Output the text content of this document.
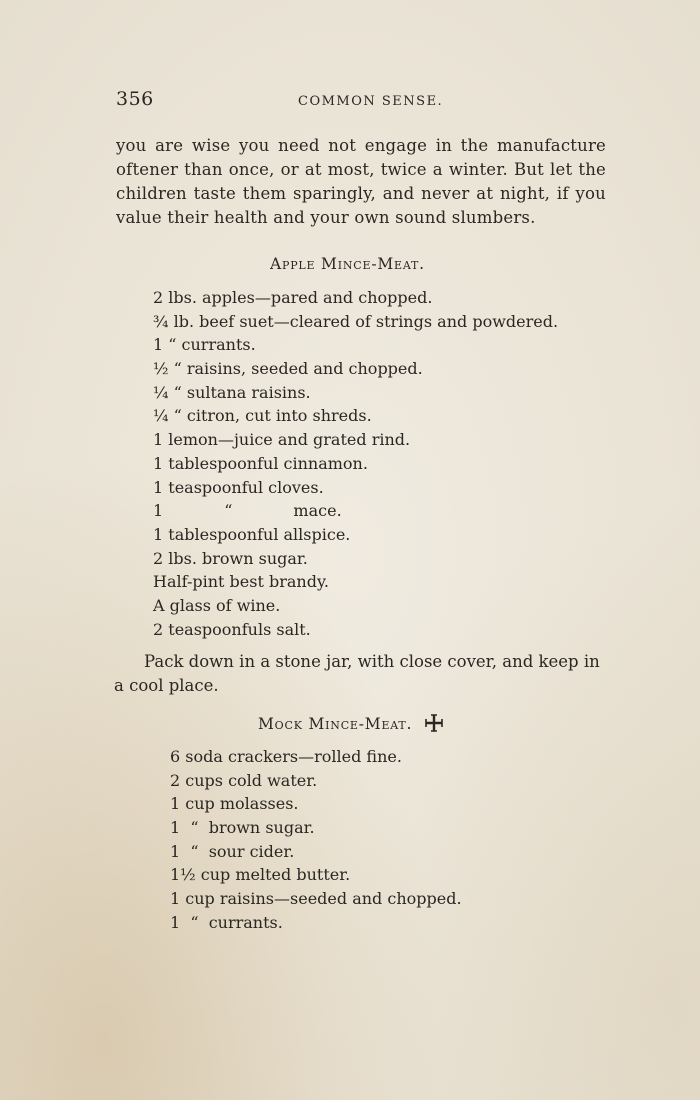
356	COMMON SENSE.

you are wise you need not engage in the manufacture oftener than once, or at most, twice a winter. But let the children taste them sparingly, and never at night, if you value their health and your own sound slumbers.

Apple Mince-Meat.
2 lbs. apples—pared and chopped.
¾ lb. beef suet—cleared of strings and powdered.
1 “ currants.
½ “ raisins, seeded and chopped.
¼ “ sultana raisins.
¼ “ citron, cut into shreds.
1 lemon—juice and grated rind.
1 tablespoonful cinnamon.
1 teaspoonful cloves.
1            “            mace.
1 tablespoonful allspice.
2 lbs. brown sugar.
Half-pint best brandy.
A glass of wine.
2 teaspoonfuls salt.

Pack down in a stone jar, with close cover, and keep in a cool place.

Mock Mince-Meat.
6 soda crackers—rolled fine.
2 cups cold water.
1 cup molasses.
1  “  brown sugar.
1  “  sour cider.
1½ cup melted butter.
1 cup raisins—seeded and chopped.
1  “  currants.
